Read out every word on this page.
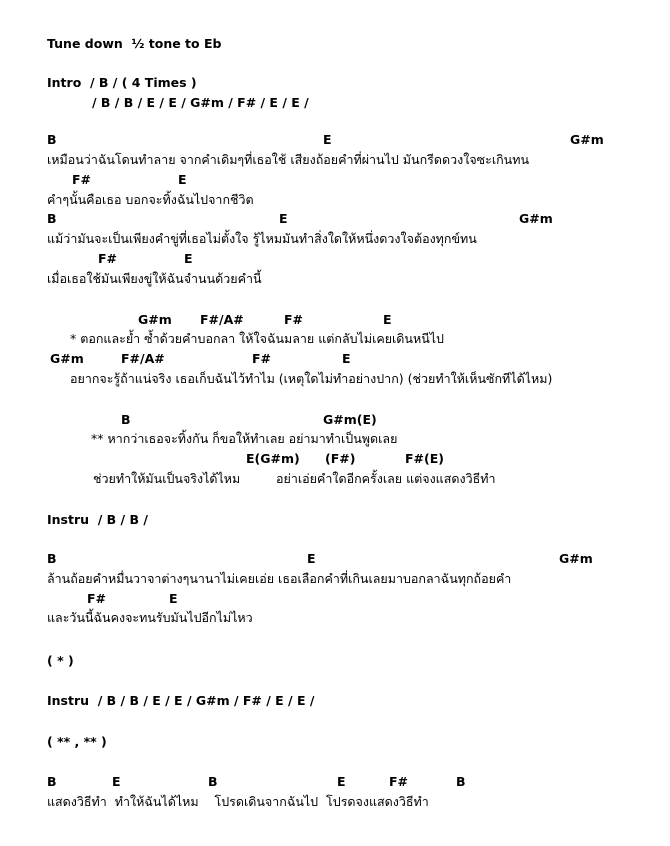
Tune down  ½ tone to Eb
Intro  / B / ( 4 Times )
/ B / B / E / E / G#m / F# / E / E /
B	E	G#m
เหมือนว่าฉันโดนทำลาย จากคำเดิมๆที่เธอใช้ เสียงถ้อยคำที่ผ่านไป มันกรีดดวงใจซะเกินทน
F#	E
คำๆนั้นคือเธอ บอกจะทิ้งฉันไปจากชีวิต
B	E	G#m
แม้ว่ามันจะเป็นเพียงคำขู่ที่เธอไม่ตั้งใจ รู้ไหมมันทำสิ่งใดให้หนึ่งดวงใจต้องทุกข์ทน
F#	E
เมื่อเธอใช้มันเพียงขู่ให้ฉันจำนนด้วยคำนี้
G#m F#/A#	F#	E
* ตอกและย้ำ ซ้ำด้วยคำบอกลา ให้ใจฉันมลาย แต่กลับไม่เคยเดินหนีไป
G#m	F#/A#	F#	E
อยากจะรู้ถ้าแน่จริง เธอเก็บฉันไว้ทำไม (เหตุใดไม่ทำอย่างปาก) (ช่วยทำให้เห็นซักทีได้ไหม)
B	G#m(E)
** หากว่าเธอจะทิ้งกัน ก็ขอให้ทำเลย อย่ามาทำเป็นพูดเลย
E(G#m) (F#)	F#(E)
ช่วยทำให้มันเป็นจริงได้ไหม         อย่าเอ่ยคำใดอีกครั้งเลย แต่จงแสดงวิธีทำ
Instru  / B / B /
B	E	G#m
ล้านถ้อยคำหมื่นวาจาต่างๆนานาไม่เคยเอ่ย เธอเลือกคำที่เกินเลยมาบอกลาฉันทุกถ้อยคำ
F#	E
และวันนี้ฉันคงจะทนรับมันไปอีกไม่ไหว
( * )
Instru  / B / B / E / E / G#m / F# / E / E /
( ** , ** )
B	E	B	E	F#	B
แสดงวิธีทำ  ทำให้ฉันได้ไหม    โปรดเดินจากฉันไป  โปรดจงแสดงวิธีทำ
